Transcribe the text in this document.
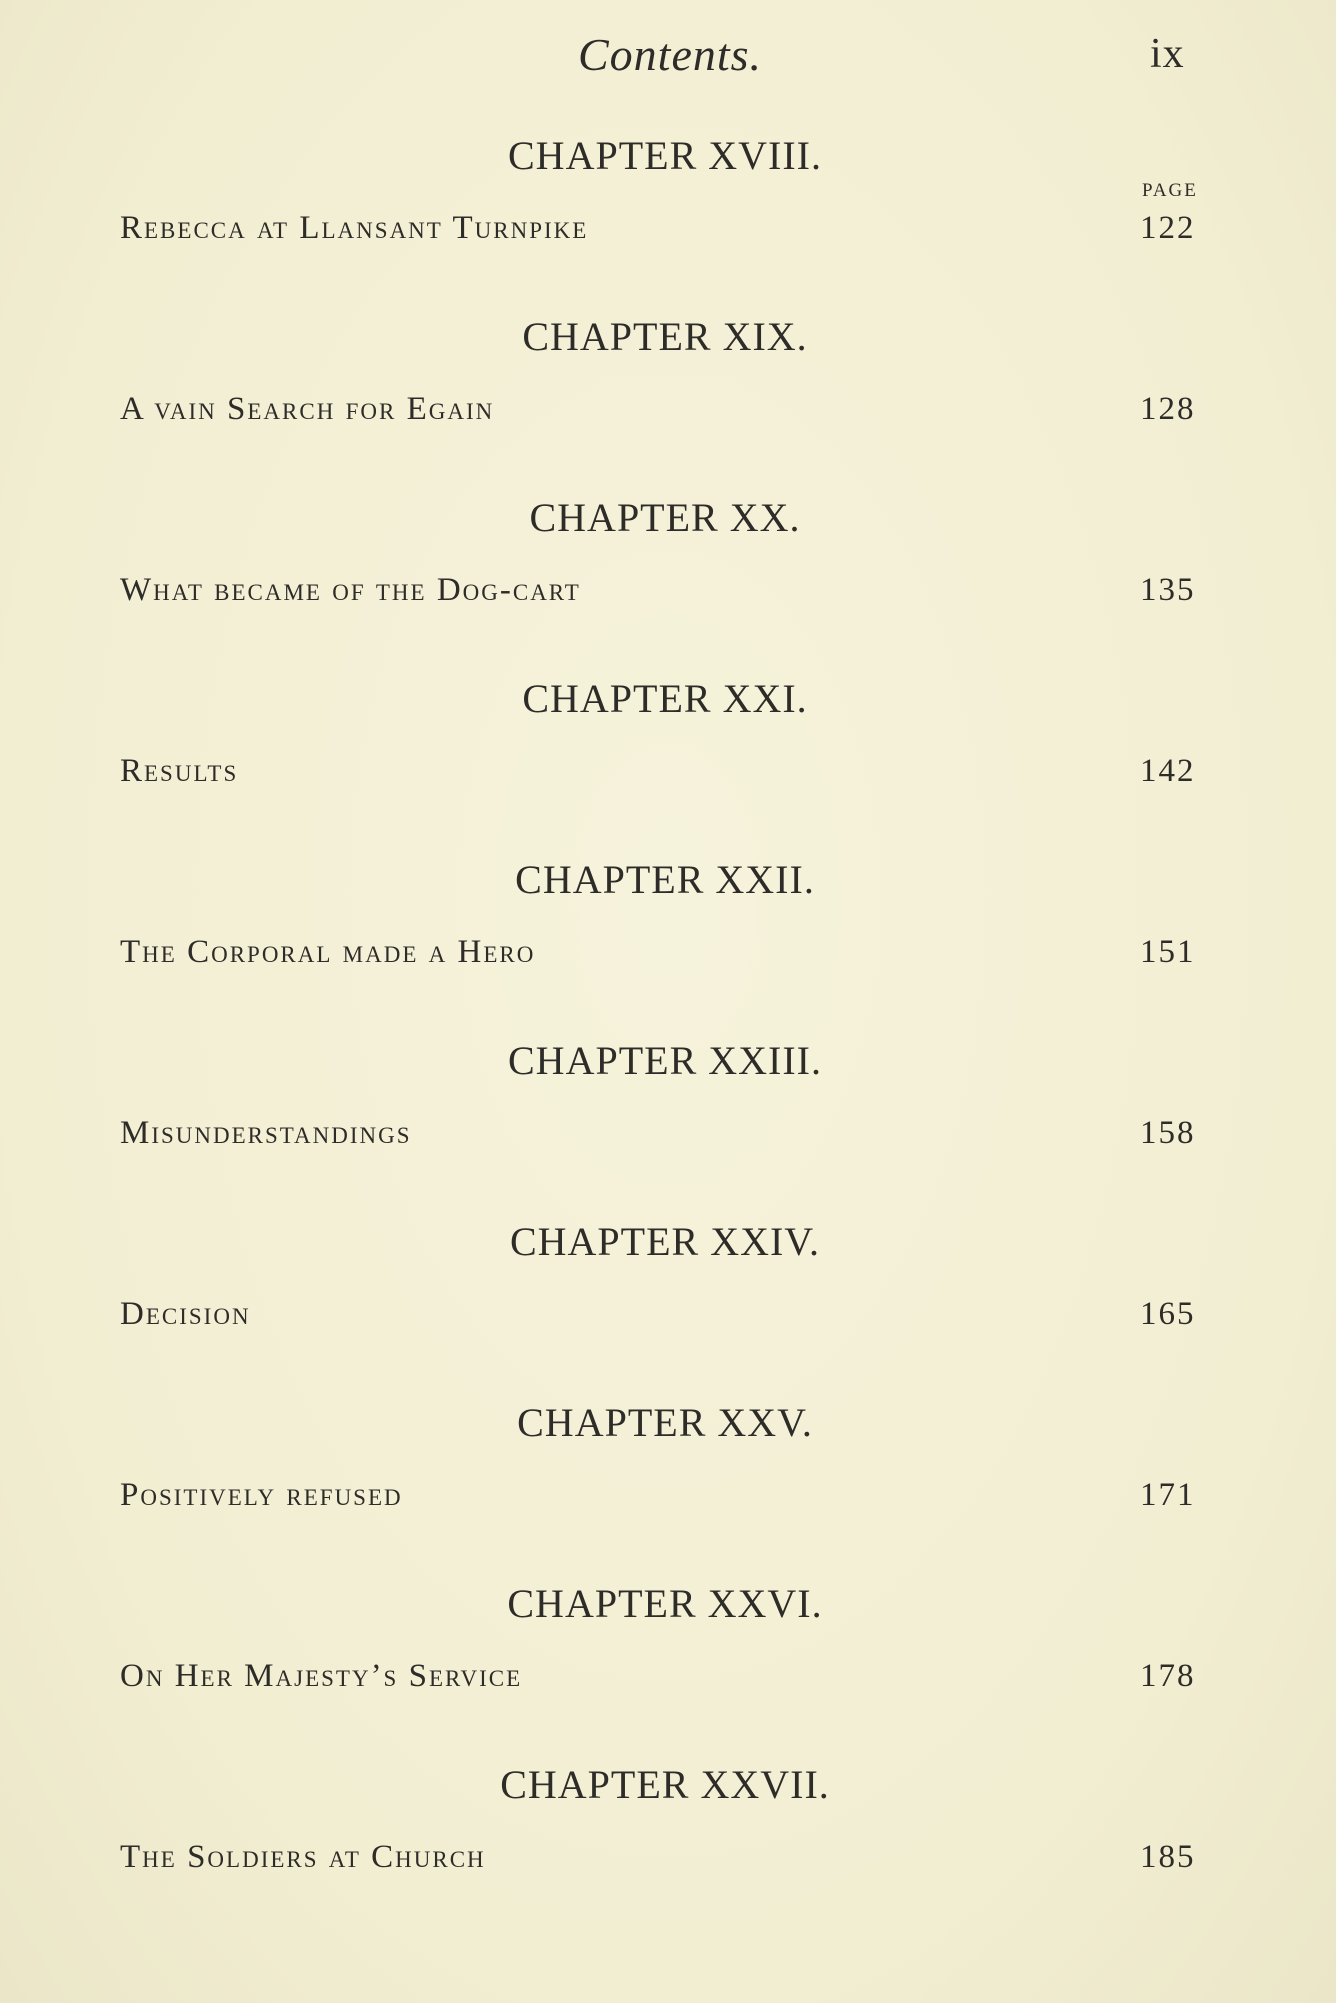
Contents.	ix
PAGE
CHAPTER XVIII.
Rebecca at Llansant Turnpike	122
CHAPTER XIX.
A vain Search for Egain	128
CHAPTER XX.
What became of the Dog-cart	135
CHAPTER XXI.
Results	142
CHAPTER XXII.
The Corporal made a Hero	151
CHAPTER XXIII.
Misunderstandings	158
CHAPTER XXIV.
Decision	165
CHAPTER XXV.
Positively refused	171
CHAPTER XXVI.
On Her Majesty’s Service	178
CHAPTER XXVII.
The Soldiers at Church	185
